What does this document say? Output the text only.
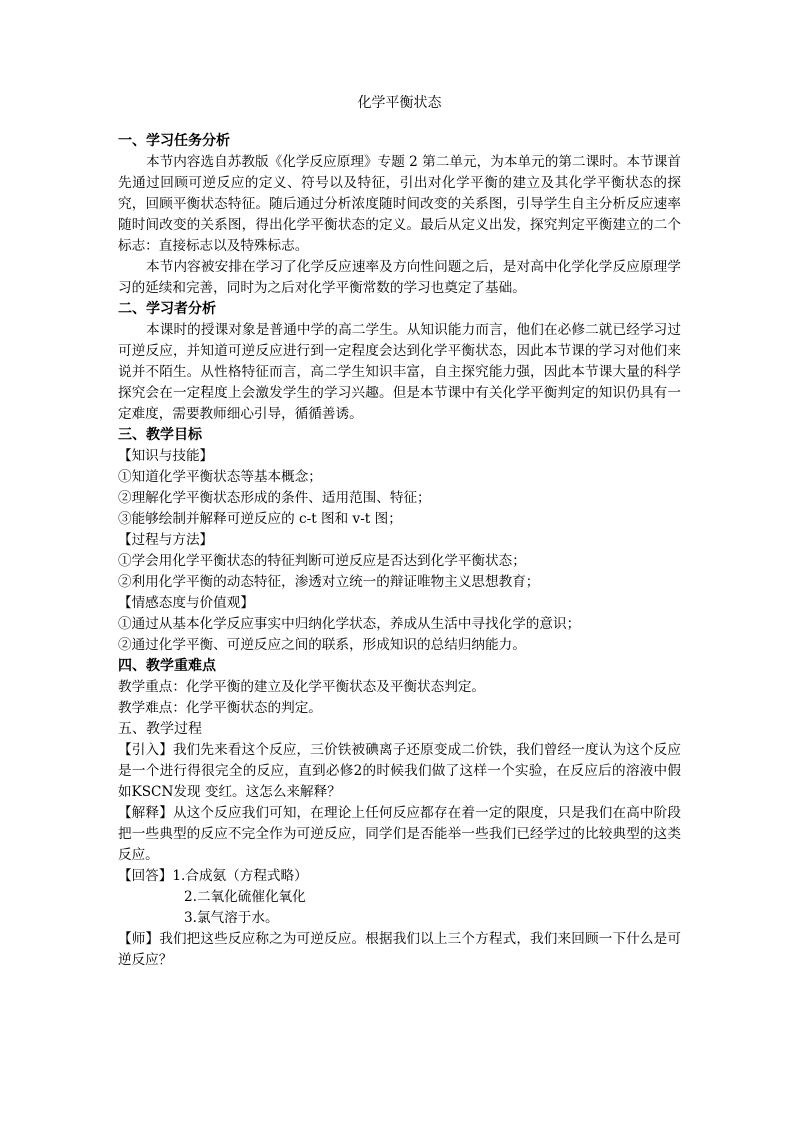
化学平衡状态

一、学习任务分析

本节内容选自苏教版《化学反应原理》专题 2 第二单元，为本单元的第二课时。本节课首先通过回顾可逆反应的定义、符号以及特征，引出对化学平衡的建立及其化学平衡状态的探究，回顾平衡状态特征。随后通过分析浓度随时间改变的关系图，引导学生自主分析反应速率随时间改变的关系图，得出化学平衡状态的定义。最后从定义出发，探究判定平衡建立的二个标志：直接标志以及特殊标志。

本节内容被安排在学习了化学反应速率及方向性问题之后，是对高中化学化学反应原理学习的延续和完善，同时为之后对化学平衡常数的学习也奠定了基础。

二、学习者分析

本课时的授课对象是普通中学的高二学生。从知识能力而言，他们在必修二就已经学习过可逆反应，并知道可逆反应进行到一定程度会达到化学平衡状态，因此本节课的学习对他们来说并不陌生。从性格特征而言，高二学生知识丰富，自主探究能力强，因此本节课大量的科学探究会在一定程度上会激发学生的学习兴趣。但是本节课中有关化学平衡判定的知识仍具有一定难度，需要教师细心引导，循循善诱。

三、教学目标

【知识与技能】

①知道化学平衡状态等基本概念；

②理解化学平衡状态形成的条件、适用范围、特征；

③能够绘制并解释可逆反应的 c-t 图和 v-t 图；

【过程与方法】

①学会用化学平衡状态的特征判断可逆反应是否达到化学平衡状态；

②利用化学平衡的动态特征，渗透对立统一的辩证唯物主义思想教育；

【情感态度与价值观】

①通过从基本化学反应事实中归纳化学状态，养成从生活中寻找化学的意识；

②通过化学平衡、可逆反应之间的联系，形成知识的总结归纳能力。

四、教学重难点

教学重点：化学平衡的建立及化学平衡状态及平衡状态判定。

教学难点：化学平衡状态的判定。

五、教学过程

【引入】我们先来看这个反应，三价铁被碘离子还原变成二价铁，我们曾经一度认为这个反应是一个进行得很完全的反应，直到必修2的时候我们做了这样一个实验，在反应后的溶液中假如KSCN发现 变红。这怎么来解释？

【解释】从这个反应我们可知，在理论上任何反应都存在着一定的限度，只是我们在高中阶段把一些典型的反应不完全作为可逆反应，同学们是否能举一些我们已经学过的比较典型的这类反应。

【回答】1.合成氨（方程式略）

2.二氧化硫催化氧化

3.氯气溶于水。

【师】我们把这些反应称之为可逆反应。根据我们以上三个方程式，我们来回顾一下什么是可逆反应？
